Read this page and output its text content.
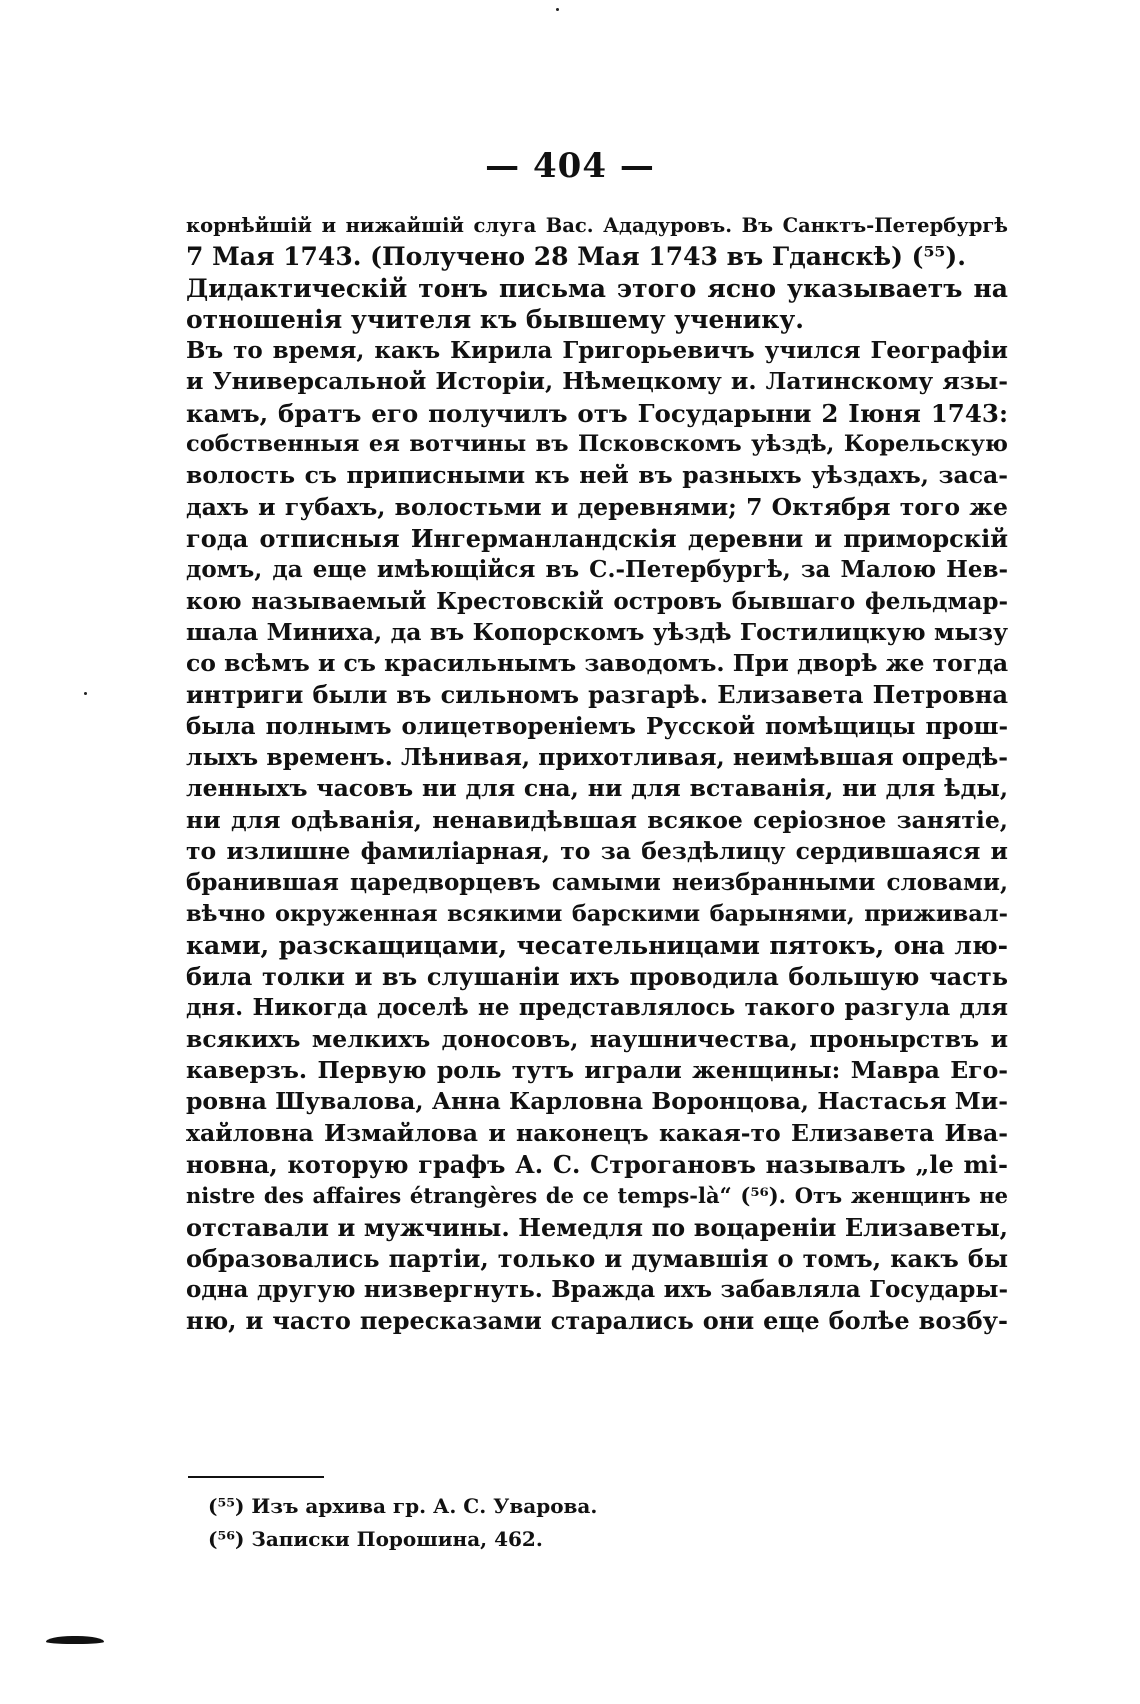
— 404 —
корнѣйшій и нижайшій слуга Вас. Ададуровъ. Въ Санктъ-Петербургѣ
7 Мая 1743. (Получено 28 Мая 1743 въ Гданскѣ) (⁵⁵).
Дидактическій тонъ письма этого ясно указываетъ на
отношенія учителя къ бывшему ученику.
Въ то время, какъ Кирила Григорьевичъ учился Географіи
и Универсальной Исторіи, Нѣмецкому и. Латинскому язы-
камъ, братъ его получилъ отъ Государыни 2 Іюня 1743:
собственныя ея вотчины въ Псковскомъ уѣздѣ, Корельскую
волость съ приписными къ ней въ разныхъ уѣздахъ, заса-
дахъ и губахъ, волостьми и деревнями; 7 Октября того же
года отписныя Ингерманландскія деревни и приморскій
домъ, да еще имѣющійся въ С.-Петербургѣ, за Малою Нев-
кою называемый Крестовскій островъ бывшаго фельдмар-
шала Миниха, да въ Копорскомъ уѣздѣ Гостилицкую мызу
со всѣмъ и съ красильнымъ заводомъ. При дворѣ же тогда
интриги были въ сильномъ разгарѣ. Елизавета Петровна
была полнымъ олицетвореніемъ Русской помѣщицы прош-
лыхъ временъ. Лѣнивая, прихотливая, неимѣвшая опредѣ-
ленныхъ часовъ ни для сна, ни для вставанія, ни для ѣды,
ни для одѣванія, ненавидѣвшая всякое серіозное занятіе,
то излишне фамиліарная, то за бездѣлицу сердившаяся и
бранившая царедворцевъ самыми неизбранными словами,
вѣчно окруженная всякими барскими барынями, приживал-
ками, разскащицами, чесательницами пятокъ, она лю-
била толки и въ слушаніи ихъ проводила большую часть
дня. Никогда доселѣ не представлялось такого разгула для
всякихъ мелкихъ доносовъ, наушничества, пронырствъ и
каверзъ. Первую роль тутъ играли женщины: Мавра Его-
ровна Шувалова, Анна Карловна Воронцова, Настасья Ми-
хайловна Измайлова и наконецъ какая-то Елизавета Ива-
новна, которую графъ А. С. Строгановъ называлъ „le mi-
nistre des affaires étrangères de ce temps-là“ (⁵⁶). Отъ женщинъ не
отставали и мужчины. Немедля по воцареніи Елизаветы,
образовались партіи, только и думавшія о томъ, какъ бы
одна другую низвергнуть. Вражда ихъ забавляла Государы-
ню, и часто пересказами старались они еще болѣе возбу-
(⁵⁵) Изъ архива гр. А. С. Уварова.
(⁵⁶) Записки Порошина, 462.
